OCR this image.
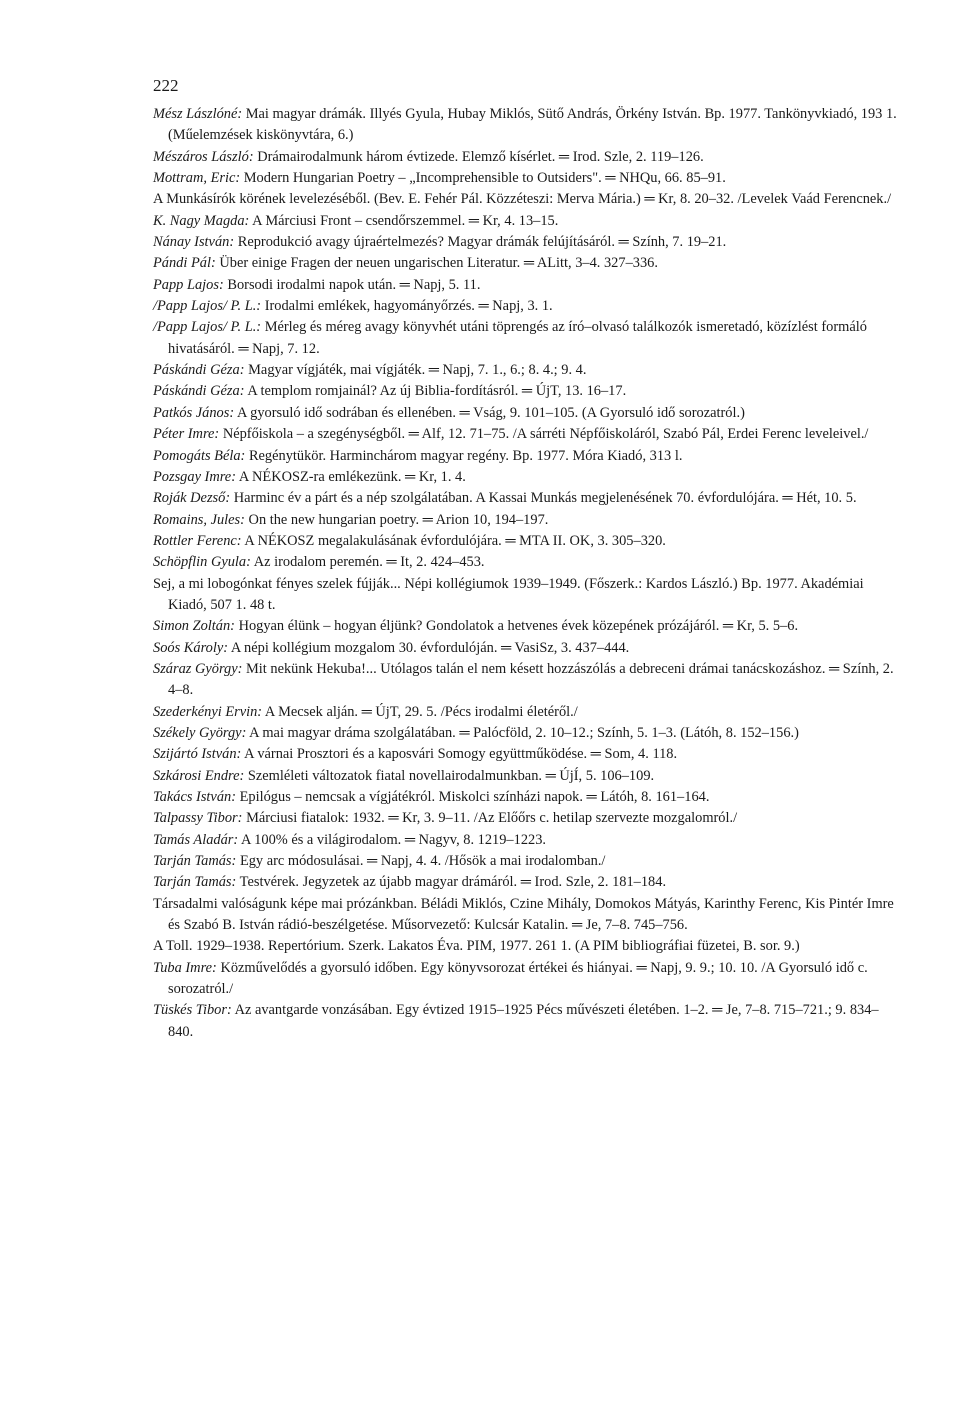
222

Mész Lászlóné: Mai magyar drámák. Illyés Gyula, Hubay Miklós, Sütő András, Örkény István. Bp. 1977. Tankönyvkiadó, 193 1. (Műelemzések kiskönyvtára, 6.)

Mészáros László: Drámairodalmunk három évtizede. Elemző kísérlet. ═ Irod. Szle, 2. 119–126.

Mottram, Eric: Modern Hungarian Poetry – „Incomprehensible to Outsiders". ═ NHQu, 66. 85–91.

A Munkásírók körének levelezéséből. (Bev. E. Fehér Pál. Közzéteszi: Merva Mária.) ═ Kr, 8. 20–32. /Levelek Vaád Ferencnek./

K. Nagy Magda: A Márciusi Front – csendőrszemmel. ═ Kr, 4. 13–15.

Nánay István: Reprodukció avagy újraértelmezés? Magyar drámák felújításáról. ═ Szính, 7. 19–21.

Pándi Pál: Über einige Fragen der neuen ungarischen Literatur. ═ ALitt, 3–4. 327–336.

Papp Lajos: Borsodi irodalmi napok után. ═ Napj, 5. 11.

/Papp Lajos/ P. L.: Irodalmi emlékek, hagyományőrzés. ═ Napj, 3. 1.

/Papp Lajos/ P. L.: Mérleg és méreg avagy könyvhét utáni töprengés az író–olvasó találkozók ismeretadó, közízlést formáló hivatásáról. ═ Napj, 7. 12.

Páskándi Géza: Magyar vígjáték, mai vígjáték. ═ Napj, 7. 1., 6.; 8. 4.; 9. 4.

Páskándi Géza: A templom romjainál? Az új Biblia-fordításról. ═ ÚjT, 13. 16–17.

Patkós János: A gyorsuló idő sodrában és ellenében. ═ Vság, 9. 101–105. (A Gyorsuló idő sorozatról.)

Péter Imre: Népfőiskola – a szegénységből. ═ Alf, 12. 71–75. /A sárréti Népfőiskoláról, Szabó Pál, Erdei Ferenc leveleivel./

Pomogáts Béla: Regénytükör. Harminchárom magyar regény. Bp. 1977. Móra Kiadó, 313 l.

Pozsgay Imre: A NÉKOSZ-ra emlékezünk. ═ Kr, 1. 4.

Roják Dezső: Harminc év a párt és a nép szolgálatában. A Kassai Munkás megjelenésének 70. évfordulójára. ═ Hét, 10. 5.

Romains, Jules: On the new hungarian poetry. ═ Arion 10, 194–197.

Rottler Ferenc: A NÉKOSZ megalakulásának évfordulójára. ═ MTA II. OK, 3. 305–320.

Schöpflin Gyula: Az irodalom peremén. ═ It, 2. 424–453.

Sej, a mi lobogónkat fényes szelek fújják... Népi kollégiumok 1939–1949. (Főszerk.: Kardos László.) Bp. 1977. Akadémiai Kiadó, 507 1. 48 t.

Simon Zoltán: Hogyan élünk – hogyan éljünk? Gondolatok a hetvenes évek közepének prózájáról. ═ Kr, 5. 5–6.

Soós Károly: A népi kollégium mozgalom 30. évfordulóján. ═ VasiSz, 3. 437–444.

Száraz György: Mit nekünk Hekuba!... Utólagos talán el nem késett hozzászólás a debreceni drámai tanácskozáshoz. ═ Szính, 2. 4–8.

Szederkényi Ervin: A Mecsek alján. ═ ÚjT, 29. 5. /Pécs irodalmi életéről./

Székely György: A mai magyar dráma szolgálatában. ═ Palócföld, 2. 10–12.; Szính, 5. 1–3. (Látóh, 8. 152–156.)

Szijártó István: A várnai Prosztori és a kaposvári Somogy együttműködése. ═ Som, 4. 118.

Szkárosi Endre: Szemléleti változatok fiatal novellairodalmunkban. ═ ÚjÍ, 5. 106–109.

Takács István: Epilógus – nemcsak a vígjátékról. Miskolci színházi napok. ═ Látóh, 8. 161–164.

Talpassy Tibor: Márciusi fiatalok: 1932. ═ Kr, 3. 9–11. /Az Előőrs c. hetilap szervezte mozgalomról./

Tamás Aladár: A 100% és a világirodalom. ═ Nagyv, 8. 1219–1223.

Tarján Tamás: Egy arc módosulásai. ═ Napj, 4. 4. /Hősök a mai irodalomban./

Tarján Tamás: Testvérek. Jegyzetek az újabb magyar drámáról. ═ Irod. Szle, 2. 181–184.

Társadalmi valóságunk képe mai prózánkban. Béládi Miklós, Czine Mihály, Domokos Mátyás, Karinthy Ferenc, Kis Pintér Imre és Szabó B. István rádió-beszélgetése. Műsorvezető: Kulcsár Katalin. ═ Je, 7–8. 745–756.

A Toll. 1929–1938. Repertórium. Szerk. Lakatos Éva. PIM, 1977. 261 1. (A PIM bibliográfiai füzetei, B. sor. 9.)

Tuba Imre: Közművelődés a gyorsuló időben. Egy könyvsorozat értékei és hiányai. ═ Napj, 9. 9.; 10. 10. /A Gyorsuló idő c. sorozatról./

Tüskés Tibor: Az avantgarde vonzásában. Egy évtized 1915–1925 Pécs művészeti életében. 1–2. ═ Je, 7–8. 715–721.; 9. 834–840.
